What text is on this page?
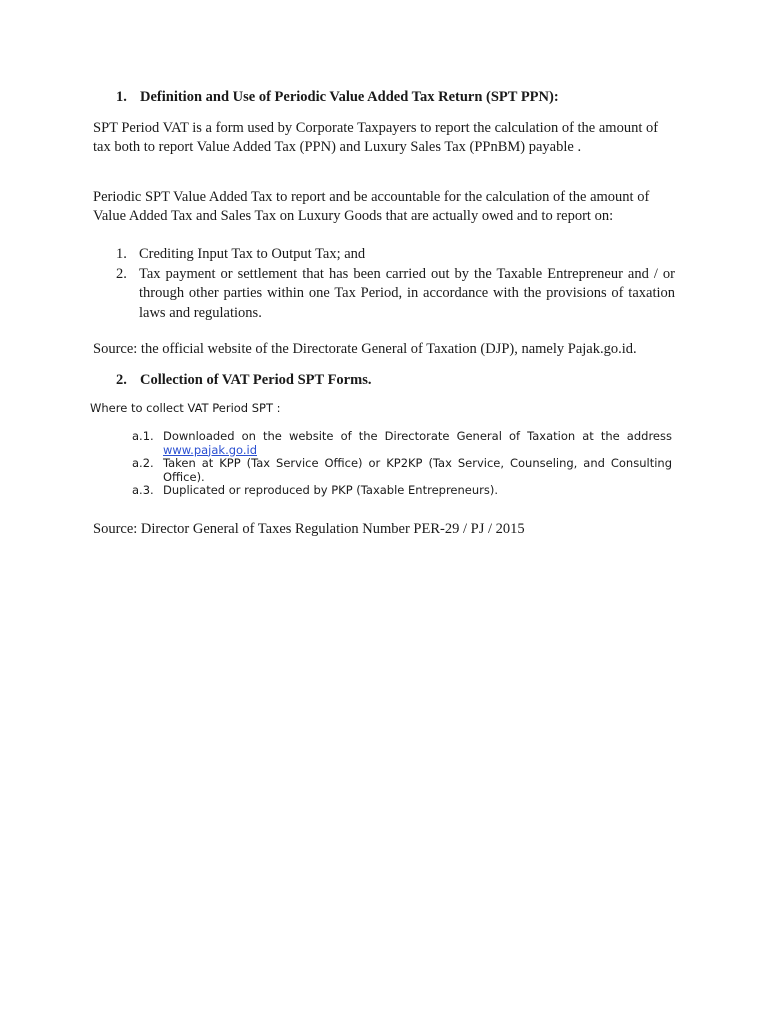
1. Definition and Use of Periodic Value Added Tax Return (SPT PPN):
SPT Period VAT is a form used by Corporate Taxpayers to report the calculation of the amount of tax both to report Value Added Tax (PPN) and Luxury Sales Tax (PPnBM) payable .
Periodic SPT Value Added Tax to report and be accountable for the calculation of the amount of Value Added Tax and Sales Tax on Luxury Goods that are actually owed and to report on:
1. Crediting Input Tax to Output Tax; and
2. Tax payment or settlement that has been carried out by the Taxable Entrepreneur and / or through other parties within one Tax Period, in accordance with the provisions of taxation laws and regulations.
Source: the official website of the Directorate General of Taxation (DJP), namely Pajak.go.id.
2. Collection of VAT Period SPT Forms.
Where to collect VAT Period SPT :
a.1. Downloaded on the website of the Directorate General of Taxation at the address www.pajak.go.id
a.2. Taken at KPP (Tax Service Office) or KP2KP (Tax Service, Counseling, and Consulting Office).
a.3. Duplicated or reproduced by PKP (Taxable Entrepreneurs).
Source: Director General of Taxes Regulation Number PER-29 / PJ / 2015
